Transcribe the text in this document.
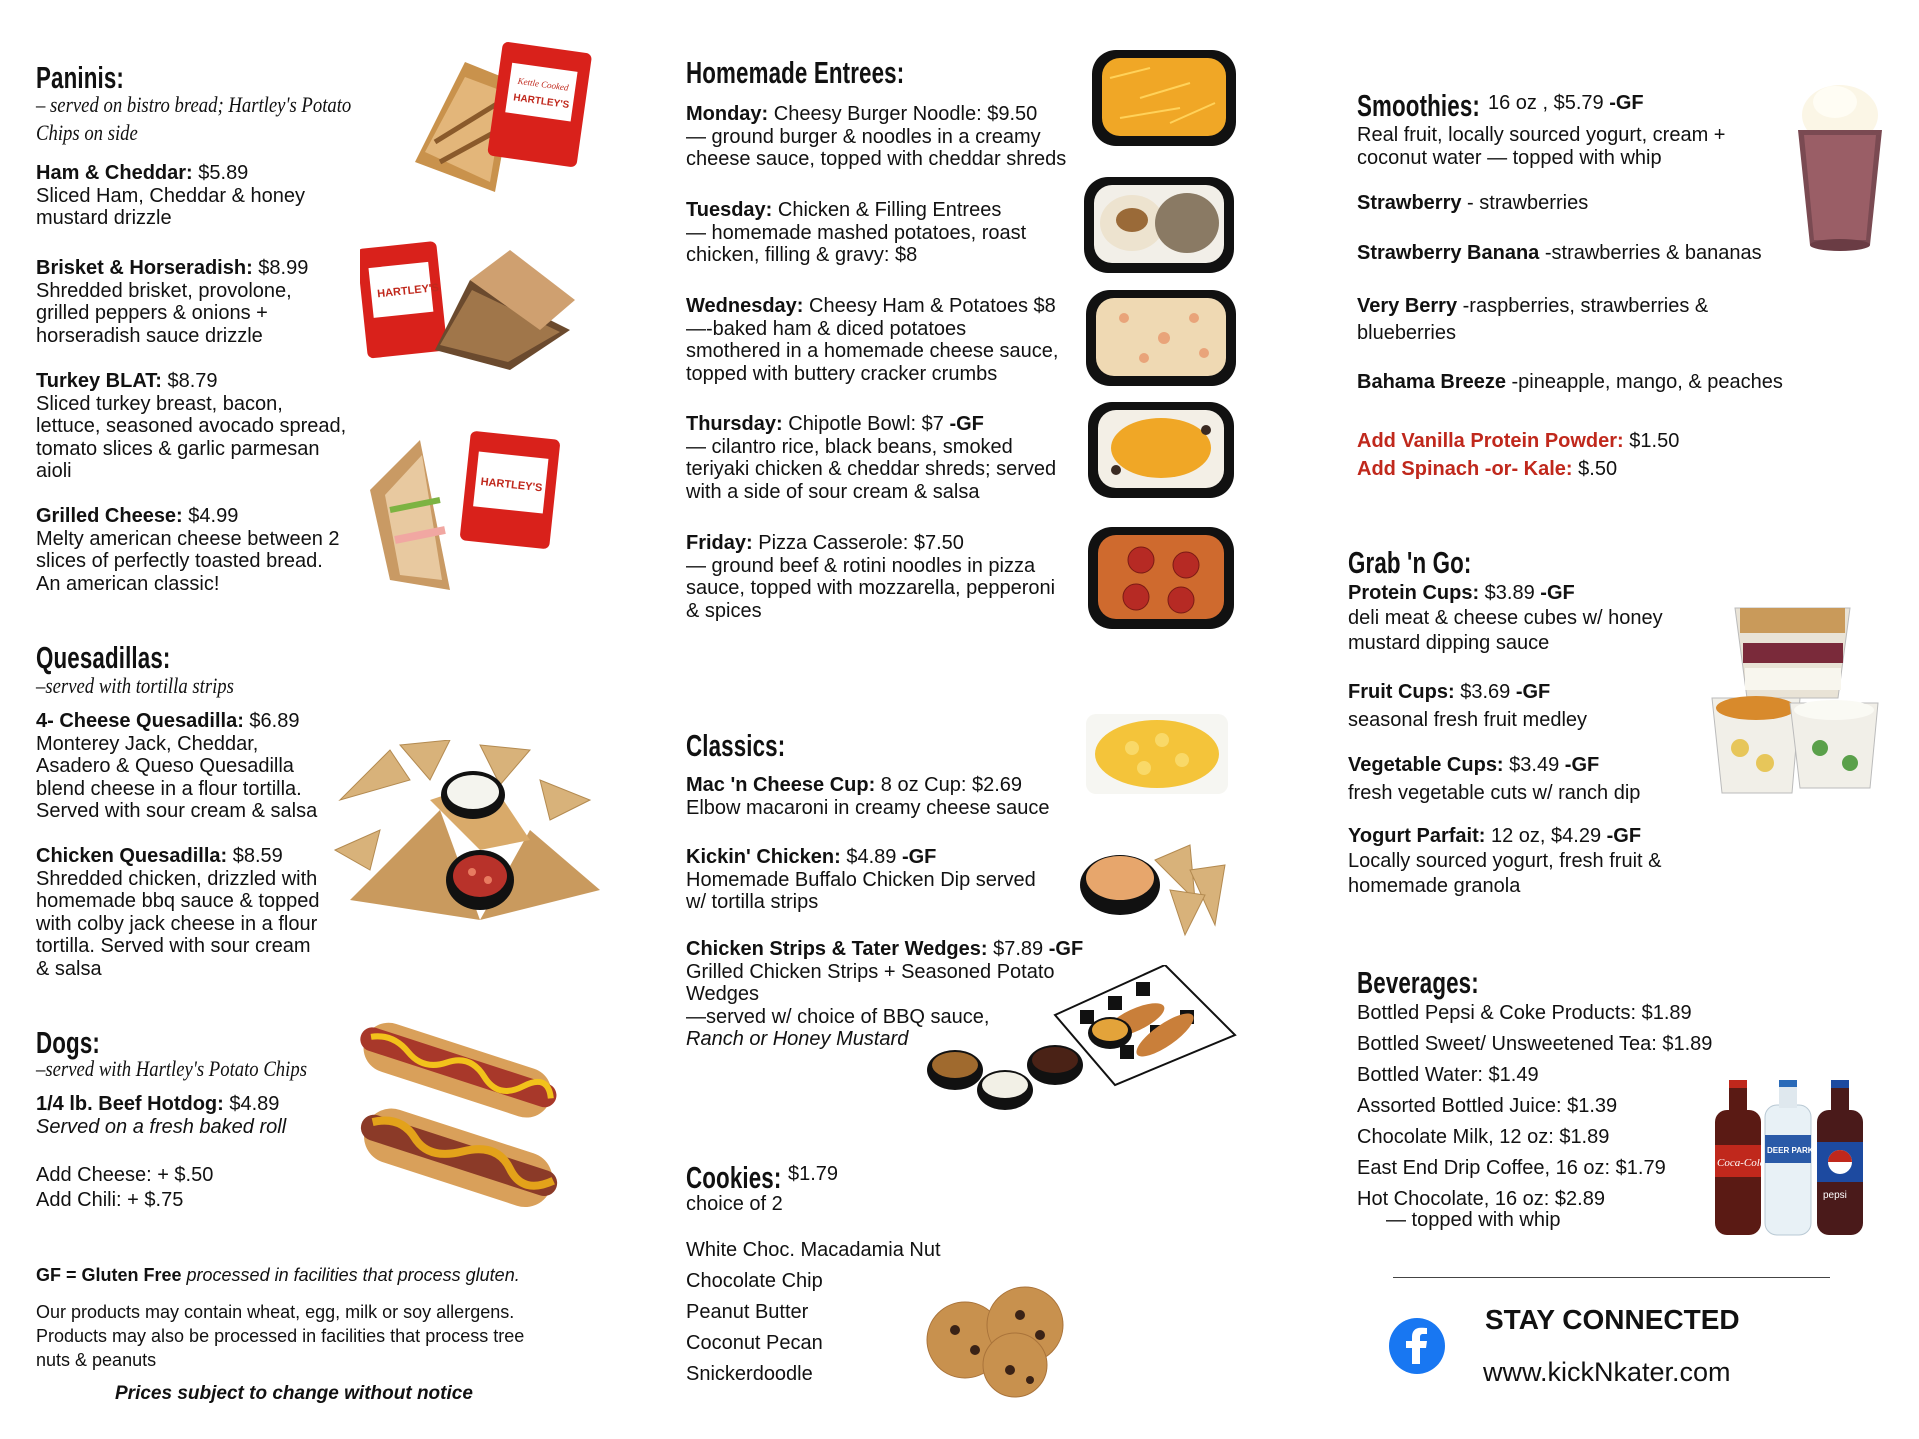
Paninis:
– served on bistro bread; Hartley's Potato
Chips on side
Ham & Cheddar: $5.89
Sliced Ham, Cheddar & honey
mustard drizzle
Brisket & Horseradish: $8.99
Shredded brisket, provolone,
grilled peppers & onions +
horseradish sauce drizzle
Turkey BLAT: $8.79
Sliced turkey breast, bacon,
lettuce, seasoned avocado spread,
tomato slices & garlic parmesan
aioli
Grilled Cheese: $4.99
Melty american cheese between 2
slices of perfectly toasted bread.
An american classic!
Kettle Cooked
HARTLEY'S
HARTLEY'S
HARTLEY'S
Quesadillas:
–served with tortilla strips
4- Cheese Quesadilla: $6.89
Monterey Jack, Cheddar,
Asadero & Queso Quesadilla
blend cheese in a flour tortilla.
Served with sour cream & salsa
Chicken Quesadilla: $8.59
Shredded chicken, drizzled with
homemade bbq sauce & topped
with colby jack cheese in a flour
tortilla. Served with sour cream
& salsa
Dogs:
–served with Hartley's Potato Chips
1/4 lb. Beef Hotdog: $4.89
Served on a fresh baked roll
Add Cheese: + $.50
Add Chili: + $.75
GF = Gluten Free processed in facilities that process gluten.
Our products may contain wheat, egg, milk or soy allergens.
Products may also be processed in facilities that process tree
nuts & peanuts
Prices subject to change without notice
Homemade Entrees:
Monday: Cheesy Burger Noodle: $9.50
— ground burger & noodles in a creamy
cheese sauce, topped with cheddar shreds
Tuesday: Chicken & Filling Entrees
— homemade mashed potatoes, roast
chicken, filling & gravy: $8
Wednesday: Cheesy Ham & Potatoes $8
—-baked ham & diced potatoes
smothered in a homemade cheese sauce,
topped with buttery cracker crumbs
Thursday: Chipotle Bowl: $7 -GF
— cilantro rice, black beans, smoked
teriyaki chicken & cheddar shreds; served
with a side of sour cream & salsa
Friday: Pizza Casserole: $7.50
— ground beef & rotini noodles in pizza
sauce, topped with mozzarella, pepperoni
& spices
Classics:
Mac 'n Cheese Cup: 8 oz Cup: $2.69
Elbow macaroni in creamy cheese sauce
Kickin' Chicken: $4.89 -GF
Homemade Buffalo Chicken Dip served
w/ tortilla strips
Chicken Strips & Tater Wedges: $7.89 -GF
Grilled Chicken Strips + Seasoned Potato
Wedges
—served w/ choice of BBQ sauce,
Ranch or Honey Mustard
Cookies: $1.79
choice of 2
White Choc. Macadamia Nut
Chocolate Chip
Peanut Butter
Coconut Pecan
Snickerdoodle
Smoothies: 16 oz , $5.79 -GF
Real fruit, locally sourced yogurt, cream +
coconut water — topped with whip
Strawberry - strawberries
Strawberry Banana -strawberries & bananas
Very Berry -raspberries, strawberries &
blueberries
Bahama Breeze -pineapple, mango, & peaches
Add Vanilla Protein Powder: $1.50
Add Spinach -or- Kale: $.50
Grab 'n Go:
Protein Cups: $3.89 -GF
deli meat & cheese cubes w/ honey
mustard dipping sauce
Fruit Cups: $3.69 -GF
seasonal fresh fruit medley
Vegetable Cups: $3.49 -GF
fresh vegetable cuts w/ ranch dip
Yogurt Parfait: 12 oz, $4.29 -GF
Locally sourced yogurt, fresh fruit &
homemade granola
Beverages:
Bottled Pepsi & Coke Products: $1.89
Bottled Sweet/ Unsweetened Tea: $1.89
Bottled Water: $1.49
Assorted Bottled Juice: $1.39
Chocolate Milk, 12 oz: $1.89
East End Drip Coffee, 16 oz: $1.79
Hot Chocolate, 16 oz: $2.89
— topped with whip
Coca-Cola
DEER PARK
pepsi
STAY CONNECTED
www.kickNkater.com
